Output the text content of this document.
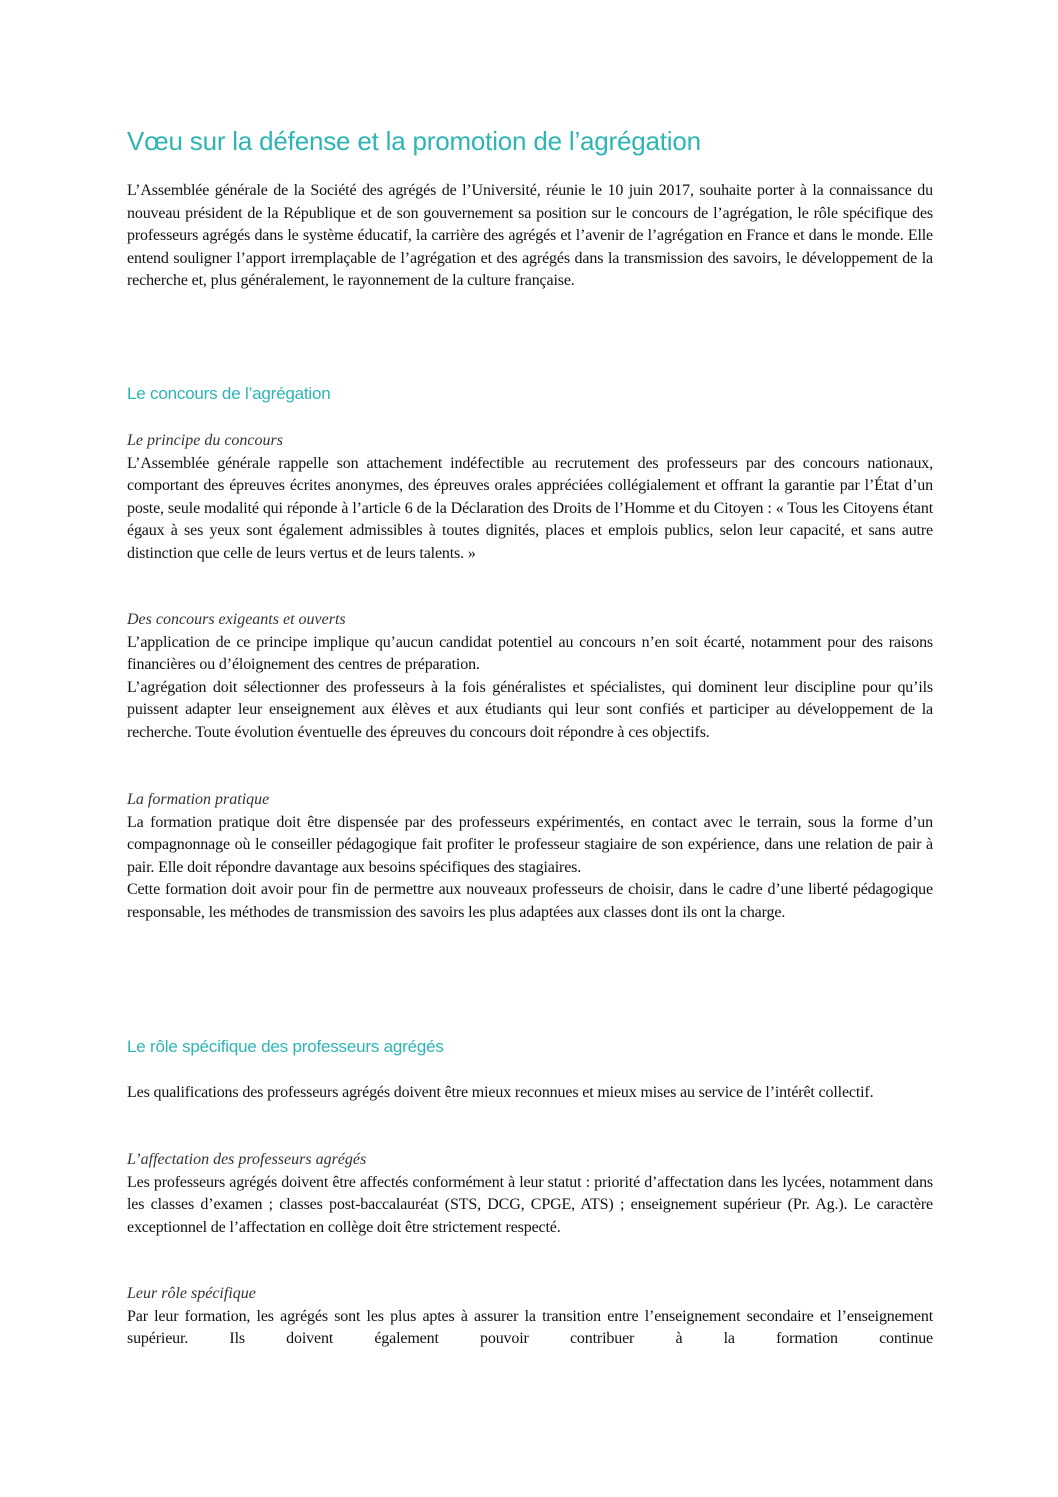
Vœu sur la défense et la promotion de l’agrégation

L’Assemblée générale de la Société des agrégés de l’Université, réunie le 10 juin 2017, souhaite porter à la connaissance du nouveau président de la République et de son gouvernement sa position sur le concours de l’agrégation, le rôle spécifique des professeurs agrégés dans le système éducatif, la carrière des agrégés et l’avenir de l’agrégation en France et dans le monde. Elle entend souligner l’apport irremplaçable de l’agrégation et des agrégés dans la transmission des savoirs, le développement de la recherche et, plus généralement, le rayonnement de la culture française.

Le concours de l’agrégation
Le principe du concours

L’Assemblée générale rappelle son attachement indéfectible au recrutement des professeurs par des concours nationaux, comportant des épreuves écrites anonymes, des épreuves orales appréciées collégialement et offrant la garantie par l’État d’un poste, seule modalité qui réponde à l’article 6 de la Déclaration des Droits de l’Homme et du Citoyen : « Tous les Citoyens étant égaux à ses yeux sont également admissibles à toutes dignités, places et emplois publics, selon leur capacité, et sans autre distinction que celle de leurs vertus et de leurs talents. »

Des concours exigeants et ouverts

L’application de ce principe implique qu’aucun candidat potentiel au concours n’en soit écarté, notamment pour des raisons financières ou d’éloignement des centres de préparation.

L’agrégation doit sélectionner des professeurs à la fois généralistes et spécialistes, qui dominent leur discipline pour qu’ils puissent adapter leur enseignement aux élèves et aux étudiants qui leur sont confiés et participer au développement de la recherche. Toute évolution éventuelle des épreuves du concours doit répondre à ces objectifs.

La formation pratique

La formation pratique doit être dispensée par des professeurs expérimentés, en contact avec le terrain, sous la forme d’un compagnonnage où le conseiller pédagogique fait profiter le professeur stagiaire de son expérience, dans une relation de pair à pair. Elle doit répondre davantage aux besoins spécifiques des stagiaires.

Cette formation doit avoir pour fin de permettre aux nouveaux professeurs de choisir, dans le cadre d’une liberté pédagogique responsable, les méthodes de transmission des savoirs les plus adaptées aux classes dont ils ont la charge.

Le rôle spécifique des professeurs agrégés

Les qualifications des professeurs agrégés doivent être mieux reconnues et mieux mises au service de l’intérêt collectif.

L’affectation des professeurs agrégés

Les professeurs agrégés doivent être affectés conformément à leur statut : priorité d’affectation dans les lycées, notamment dans les classes d’examen ; classes post-baccalauréat (STS, DCG, CPGE, ATS) ; enseignement supérieur (Pr. Ag.). Le caractère exceptionnel de l’affectation en collège doit être strictement respecté.

Leur rôle spécifique

Par leur formation, les agrégés sont les plus aptes à assurer la transition entre l’enseignement secondaire et l’enseignement supérieur. Ils doivent également pouvoir contribuer à la formation continue
